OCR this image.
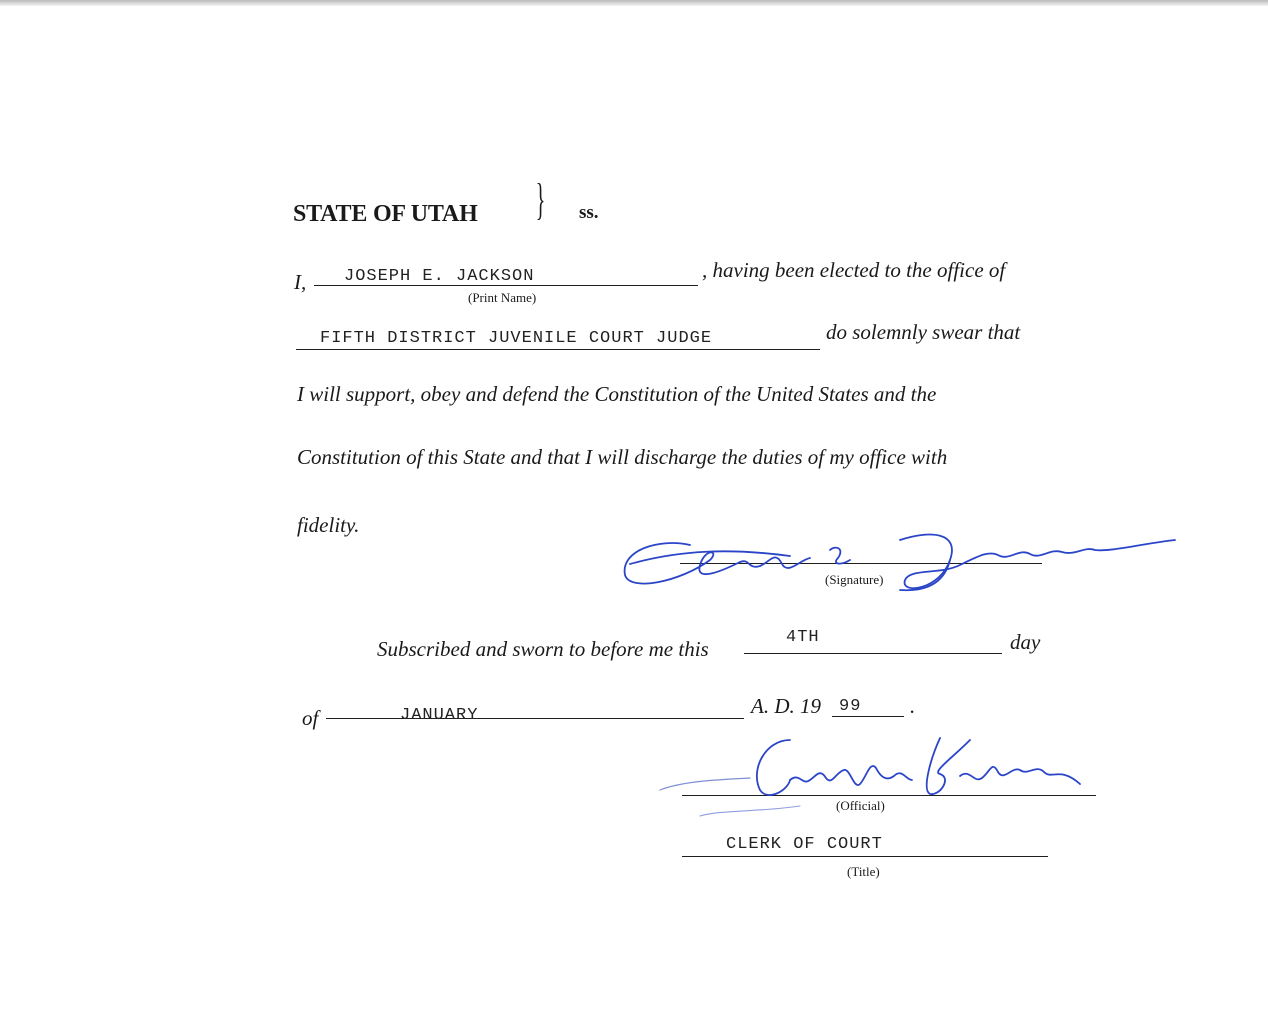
STATE OF UTAH } ss.
I, JOSEPH E. JACKSON
(Print Name)
, having been elected to the office of
FIFTH DISTRICT JUVENILE COURT JUDGE	do solemnly swear that
I will support, obey and defend the Constitution of the United States and the
Constitution of this State and that I will discharge the duties of my office with
fidelity.
(Signature)
Subscribed and sworn to before me this	4TH	day
of	JANUARY	A. D. 19 99 .
(Official)
CLERK OF COURT
(Title)
